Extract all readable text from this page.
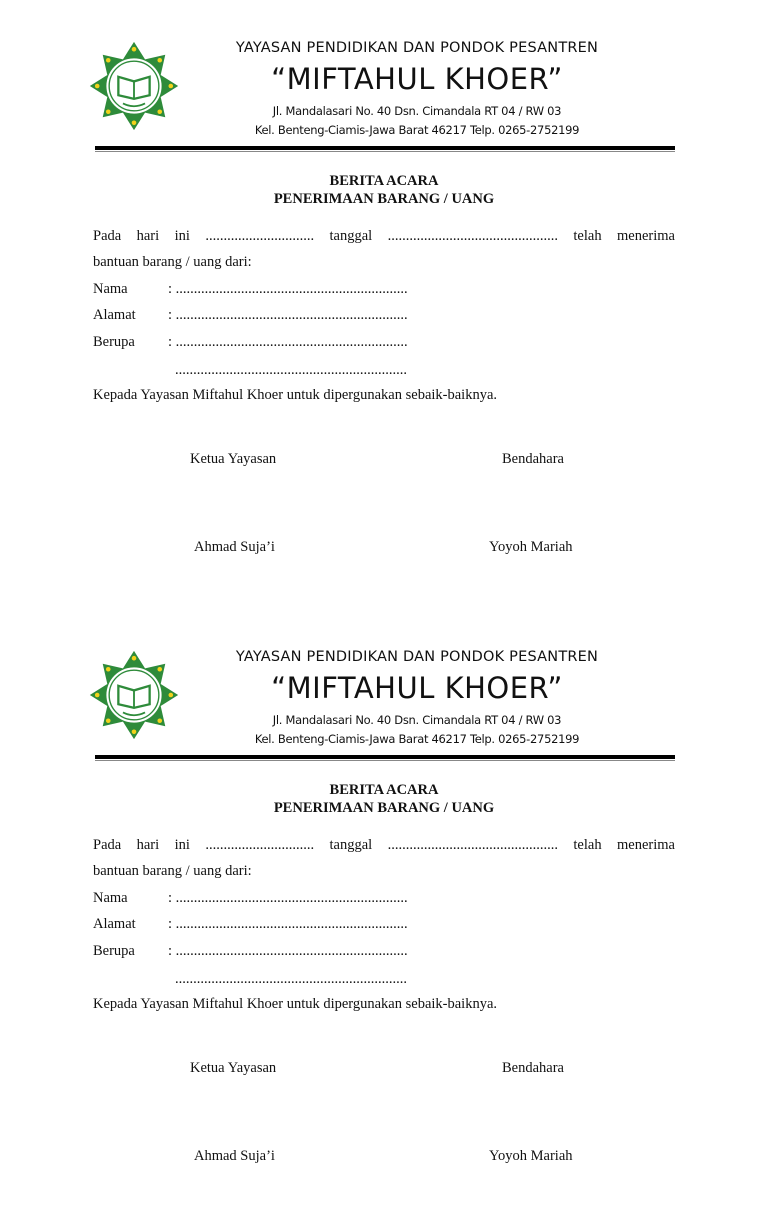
YAYASAN PENDIDIKAN DAN PONDOK PESANTREN
“MIFTAHUL KHOER”
Jl. Mandalasari No. 40 Dsn. Cimandala RT 04 / RW 03
Kel. Benteng-Ciamis-Jawa Barat 46217 Telp. 0265-2752199
BERITA ACARA
PENERIMAAN BARANG / UANG
Pada hari ini .............................. tanggal ............................................... telah menerima
bantuan barang / uang dari:
Nama	: ................................................................
Alamat : ................................................................
Berupa : ................................................................
................................................................
Kepada Yayasan Miftahul Khoer untuk dipergunakan sebaik-baiknya.
Ketua Yayasan	Bendahara
Ahmad Suja’i	Yoyoh Mariah
YAYASAN PENDIDIKAN DAN PONDOK PESANTREN
“MIFTAHUL KHOER”
Jl. Mandalasari No. 40 Dsn. Cimandala RT 04 / RW 03
Kel. Benteng-Ciamis-Jawa Barat 46217 Telp. 0265-2752199
BERITA ACARA
PENERIMAAN BARANG / UANG
Pada hari ini .............................. tanggal ............................................... telah menerima
bantuan barang / uang dari:
Nama	: ................................................................
Alamat : ................................................................
Berupa : ................................................................
................................................................
Kepada Yayasan Miftahul Khoer untuk dipergunakan sebaik-baiknya.
Ketua Yayasan	Bendahara
Ahmad Suja’i	Yoyoh Mariah
